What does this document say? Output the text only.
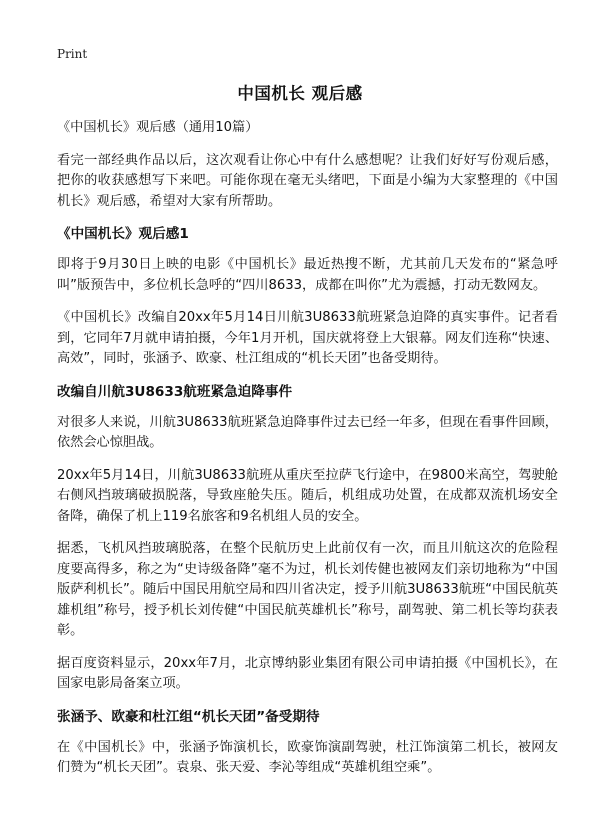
Print
中国机长 观后感

《中国机长》观后感（通用10篇）

看完一部经典作品以后，这次观看让你心中有什么感想呢？让我们好好写份观后感，把你的收获感想写下来吧。可能你现在毫无头绪吧，下面是小编为大家整理的《中国机长》观后感，希望对大家有所帮助。

《中国机长》观后感1

即将于9月30日上映的电影《中国机长》最近热搜不断，尤其前几天发布的“紧急呼叫”版预告中，多位机长急呼的“四川8633，成都在叫你”尤为震撼，打动无数网友。

《中国机长》改编自20xx年5月14日川航3U8633航班紧急迫降的真实事件。记者看到，它同年7月就申请拍摄，今年1月开机，国庆就将登上大银幕。网友们连称“快速、高效”，同时，张涵予、欧豪、杜江组成的“机长天团”也备受期待。

改编自川航3U8633航班紧急迫降事件

对很多人来说，川航3U8633航班紧急迫降事件过去已经一年多，但现在看事件回顾，依然会心惊胆战。

20xx年5月14日，川航3U8633航班从重庆至拉萨飞行途中，在9800米高空，驾驶舱右侧风挡玻璃破损脱落，导致座舱失压。随后，机组成功处置，在成都双流机场安全备降，确保了机上119名旅客和9名机组人员的安全。

据悉，飞机风挡玻璃脱落，在整个民航历史上此前仅有一次，而且川航这次的危险程度要高得多，称之为“史诗级备降”毫不为过，机长刘传健也被网友们亲切地称为“中国版萨利机长”。随后中国民用航空局和四川省决定，授予川航3U8633航班“中国民航英雄机组”称号，授予机长刘传健“中国民航英雄机长”称号，副驾驶、第二机长等均获表彰。

据百度资料显示，20xx年7月，北京博纳影业集团有限公司申请拍摄《中国机长》，在国家电影局备案立项。

张涵予、欧豪和杜江组“机长天团”备受期待

在《中国机长》中，张涵予饰演机长，欧豪饰演副驾驶，杜江饰演第二机长，被网友们赞为“机长天团”。袁泉、张天爱、李沁等组成“英雄机组空乘”。
